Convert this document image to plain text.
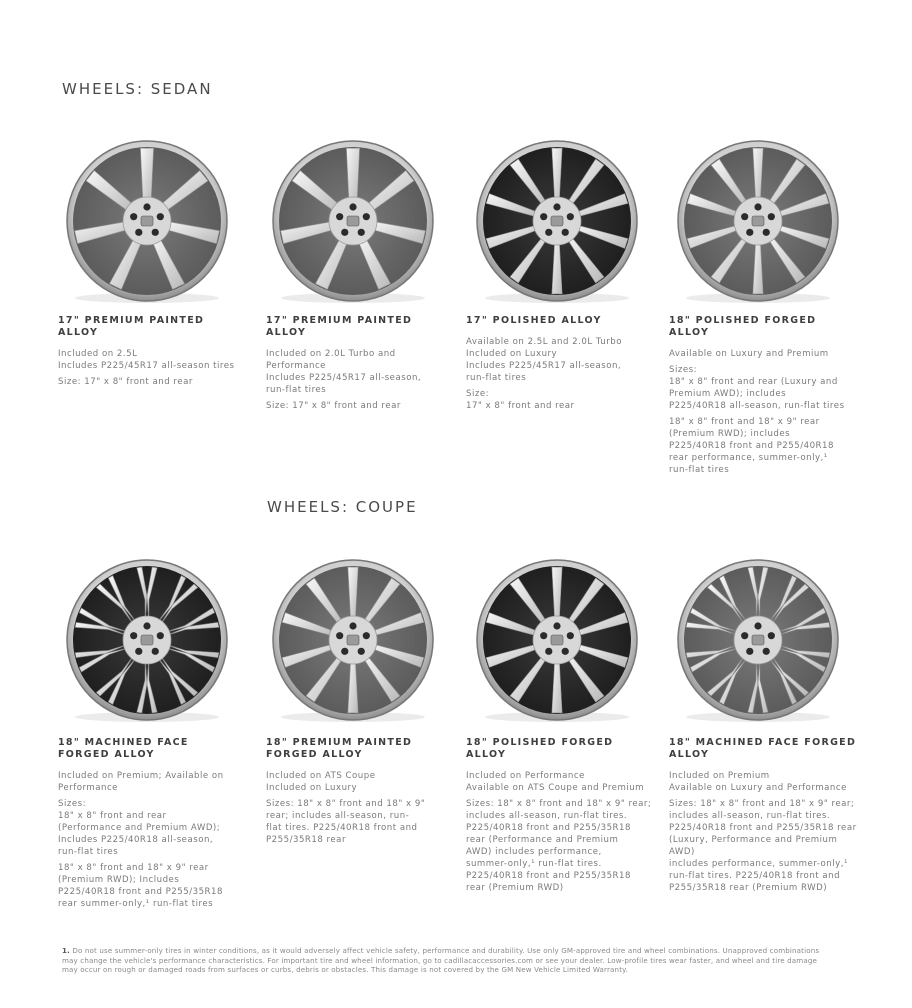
WHEELS: SEDAN
WHEELS: COUPE

17" PREMIUM PAINTED ALLOY

Included on 2.5L
Includes P225/45R17 all-season tires

Size: 17" x 8" front and rear

17" PREMIUM PAINTED ALLOY

Included on 2.0L Turbo and
Performance
Includes P225/45R17 all-season,
run-flat tires

Size: 17" x 8" front and rear

17" POLISHED ALLOY

Available on 2.5L and 2.0L Turbo
Included on Luxury
Includes P225/45R17 all-season,
run-flat tires

Size:
17" x 8" front and rear

18" POLISHED FORGED ALLOY

Available on Luxury and Premium

Sizes:
18" x 8" front and rear (Luxury and
Premium AWD); includes
P225/40R18 all-season, run-flat tires

18" x 8" front and 18" x 9" rear
(Premium RWD); includes
P225/40R18 front and P255/40R18
rear performance, summer-only,¹
run-flat tires

18" MACHINED FACE
FORGED ALLOY

Included on Premium; Available on
Performance

Sizes:
18" x 8" front and rear
(Performance and Premium AWD);
Includes P225/40R18 all-season,
run-flat tires

18" x 8" front and 18" x 9" rear
(Premium RWD); Includes
P225/40R18 front and P255/35R18
rear summer-only,¹ run-flat tires

18" PREMIUM PAINTED
FORGED ALLOY

Included on ATS Coupe
Included on Luxury

Sizes: 18" x 8" front and 18" x 9"
rear; includes all-season, run-
flat tires. P225/40R18 front and
P255/35R18 rear

18" POLISHED FORGED ALLOY

Included on Performance
Available on ATS Coupe and Premium

Sizes: 18" x 8" front and 18" x 9" rear;
includes all-season, run-flat tires.
P225/40R18 front and P255/35R18
rear (Performance and Premium
AWD) includes performance,
summer-only,¹ run-flat tires.
P225/40R18 front and P255/35R18
rear (Premium RWD)

18" MACHINED FACE FORGED
ALLOY

Included on Premium
Available on Luxury and Performance

Sizes: 18" x 8" front and 18" x 9" rear;
includes all-season, run-flat tires.
P225/40R18 front and P255/35R18 rear
(Luxury, Performance and Premium AWD)
includes performance, summer-only,¹
run-flat tires. P225/40R18 front and
P255/35R18 rear (Premium RWD)

1. Do not use summer-only tires in winter conditions, as it would adversely affect vehicle safety, performance and durability. Use only GM-approved tire and wheel combinations. Unapproved combinations may change the vehicle's performance characteristics. For important tire and wheel information, go to cadillacaccessories.com or see your dealer. Low-profile tires wear faster, and wheel and tire damage may occur on rough or damaged roads from surfaces or curbs, debris or obstacles. This damage is not covered by the GM New Vehicle Limited Warranty.
